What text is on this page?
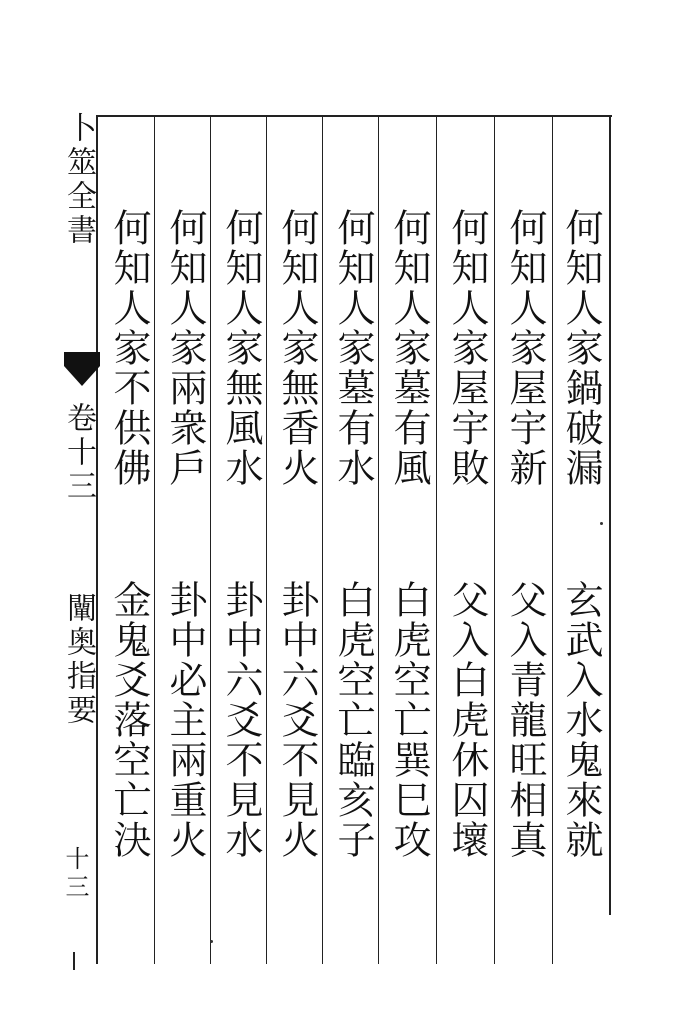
卜筮全書
卷十三
闡奥指要
十三
何知人家鍋破漏
玄武入水鬼來就
何知人家屋宇新
父入青龍旺相真
何知人家屋宇敗
父入白虎休囚壞
何知人家墓有風
白虎空亡巽巳攻
何知人家墓有水
白虎空亡臨亥子
何知人家無香火
卦中六爻不見火
何知人家無風水
卦中六爻不見水
何知人家兩衆戶
卦中必主兩重火
何知人家不供佛
金鬼爻落空亡決
